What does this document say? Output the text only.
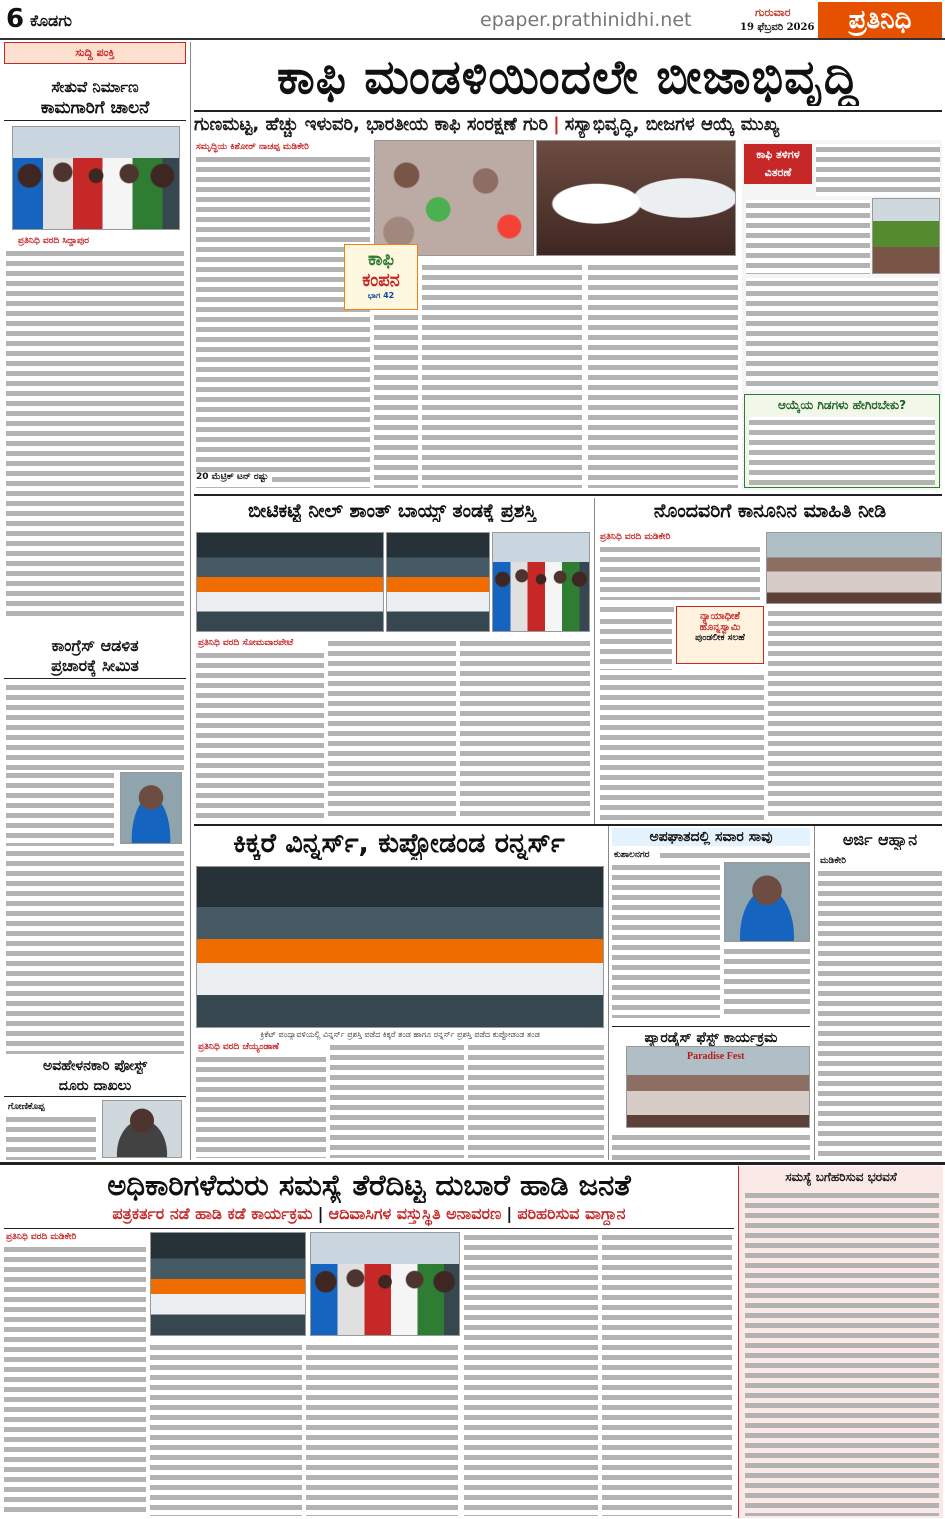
6 ಕೊಡಗು	epaper.prathinidhi.net	ಗುರುವಾರ
19 ಫೆಬ್ರವರಿ 2026	ಪ್ರತಿನಿಧಿ
ಸುದ್ದಿ ಪಂಕ್ತಿ
ಸೇತುವೆ ನಿರ್ಮಾಣ
ಕಾಮಗಾರಿಗೆ ಚಾಲನೆ
ಪ್ರತಿನಿಧಿ ವರದಿ ಸಿದ್ದಾಪುರ
ಕಾಂಗ್ರೆಸ್ ಆಡಳಿತ
ಪ್ರಚಾರಕ್ಕೆ ಸೀಮಿತ
ಅವಹೇಳನಕಾರಿ ಪೋಸ್ಟ್
ದೂರು ದಾಖಲು
ಗೋಣಿಕೊಪ್ಪ
ಕಾಫಿ ಮಂಡಳಿಯಿಂದಲೇ ಬೀಜಾಭಿವೃದ್ಧಿ
ಗುಣಮಟ್ಟ, ಹೆಚ್ಚು ಇಳುವರಿ, ಭಾರತೀಯ ಕಾಫಿ ಸಂರಕ್ಷಣೆ ಗುರಿ | ಸಸ್ಯಾಭಿವೃದ್ಧಿ, ಬೀಜಗಳ ಆಯ್ಕೆ ಮುಖ್ಯ
ಸಮೃದ್ಧಿಯ ಕಿಶೋರ್ ನಾಚಪ್ಪ ಮಡಿಕೇರಿ
ಕಾಫಿ
ಕಂಪನ
ಭಾಗ 42
20 ಮೆಟ್ರಿಕ್ ಟನ್ ರಷ್ಟು
ಕಾಫಿ ತಳಿಗಳ
ವಿತರಣೆ
ಆಯ್ಕೆಯ ಗಿಡಗಳು ಹೇಗಿರಬೇಕು?
ಬೀಟಿಕಟ್ಟೆ ನೀಲ್ ಶಾಂತ್ ಬಾಯ್ಸ್ ತಂಡಕ್ಕೆ ಪ್ರಶಸ್ತಿ
ಪ್ರತಿನಿಧಿ ವರದಿ ಸೋಮವಾರಪೇಟೆ
ನೊಂದವರಿಗೆ ಕಾನೂನಿನ ಮಾಹಿತಿ ನೀಡಿ
ಪ್ರತಿನಿಧಿ ವರದಿ ಮಡಿಕೇರಿ
ನ್ಯಾಯಾಧೀಶೆ
ಹೊನ್ನಸ್ವಾಮಿ
ಪುಂಡಲೀಕ ಸಲಹೆ
ಕಿಕ್ಕರೆ ವಿನ್ನರ್ಸ್, ಕುಪ್ಪೋಡಂಡ ರನ್ನರ್ಸ್
ಕ್ರಿಕೆಟ್ ಪಂದ್ಯಾವಳಿಯಲ್ಲಿ ವಿನ್ನರ್ಸ್ ಪ್ರಶಸ್ತಿ ಪಡೆದ ಕಿಕ್ಕರೆ ತಂಡ ಹಾಗೂ ರನ್ನರ್ಸ್ ಪ್ರಶಸ್ತಿ ಪಡೆದ ಕುಪ್ಪೋಡಂಡ ತಂಡ
ಪ್ರತಿನಿಧಿ ವರದಿ ಚೆಯ್ಯಂಡಾಣೆ
ಅಪಘಾತದಲ್ಲಿ ಸವಾರ ಸಾವು
ಕುಶಾಲನಗರ
ಪ್ಯಾರಡೈಸ್ ಫೆಸ್ಟ್ ಕಾರ್ಯಕ್ರಮ
Paradise Fest
ಅರ್ಜಿ ಆಹ್ವಾನ
ಮಡಿಕೇರಿ
ಅಧಿಕಾರಿಗಳೆದುರು ಸಮಸ್ಯೆ ತೆರೆದಿಟ್ಟ ದುಬಾರೆ ಹಾಡಿ ಜನತೆ
ಪತ್ರಕರ್ತರ ನಡೆ ಹಾಡಿ ಕಡೆ ಕಾರ್ಯಕ್ರಮ | ಆದಿವಾಸಿಗಳ ವಸ್ತುಸ್ಥಿತಿ ಅನಾವರಣ | ಪರಿಹರಿಸುವ ವಾಗ್ದಾನ
ಪ್ರತಿನಿಧಿ ವರದಿ ಮಡಿಕೇರಿ
ಸಮಸ್ಯೆ ಬಗೆಹರಿಸುವ ಭರವಸೆ
